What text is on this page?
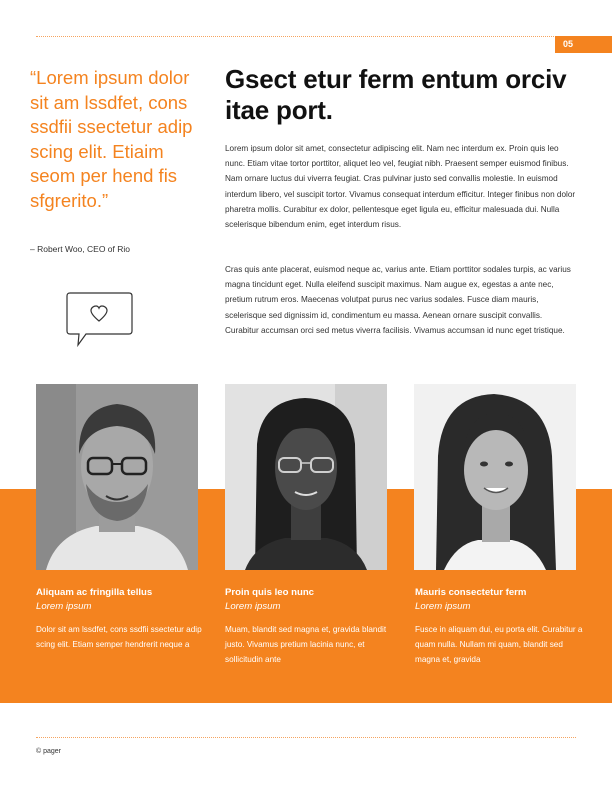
05
“Lorem ipsum dolor sit am lssdfet, cons ssdfii ssectetur adip scing elit. Etiaim seom per hend fis sfgrerito.”
– Robert Woo, CEO of Rio
Gsect etur ferm entum orciv itae port.
Lorem ipsum dolor sit amet, consectetur adipiscing elit. Nam nec interdum ex. Proin quis leo nunc. Etiam vitae tortor porttitor, aliquet leo vel, feugiat nibh. Praesent semper euismod finibus. Nam ornare luctus dui viverra feugiat. Cras pulvinar justo sed convallis molestie. In euismod interdum libero, vel suscipit tortor. Vivamus consequat interdum efficitur. Integer finibus non dolor pharetra mollis. Curabitur ex dolor, pellentesque eget ligula eu, efficitur malesuada dui. Nulla scelerisque bibendum enim, eget interdum risus.
Cras quis ante placerat, euismod neque ac, varius ante. Etiam porttitor sodales turpis, ac varius magna tincidunt eget. Nulla eleifend suscipit maximus. Nam augue ex, egestas a ante nec, pretium rutrum eros. Maecenas volutpat purus nec varius sodales. Fusce diam mauris, scelerisque sed dignissim id, condimentum eu massa. Aenean ornare suscipit convallis. Curabitur accumsan orci sed metus viverra facilisis. Vivamus accumsan id nunc eget tristique.
Aliquam ac fringilla tellus
Lorem ipsum
Dolor sit am lssdfet, cons ssdfii ssectetur adip scing elit. Etiam semper hendrerit neque a
Proin quis leo nunc
Lorem ipsum
Muam, blandit sed magna et, gravida blandit justo. Vivamus pretium lacinia nunc, et sollicitudin ante
Mauris consectetur ferm
Lorem ipsum
Fusce in aliquam dui, eu porta elit. Curabitur a quam nulla. Nullam mi quam, blandit sed magna et, gravida
© pager
